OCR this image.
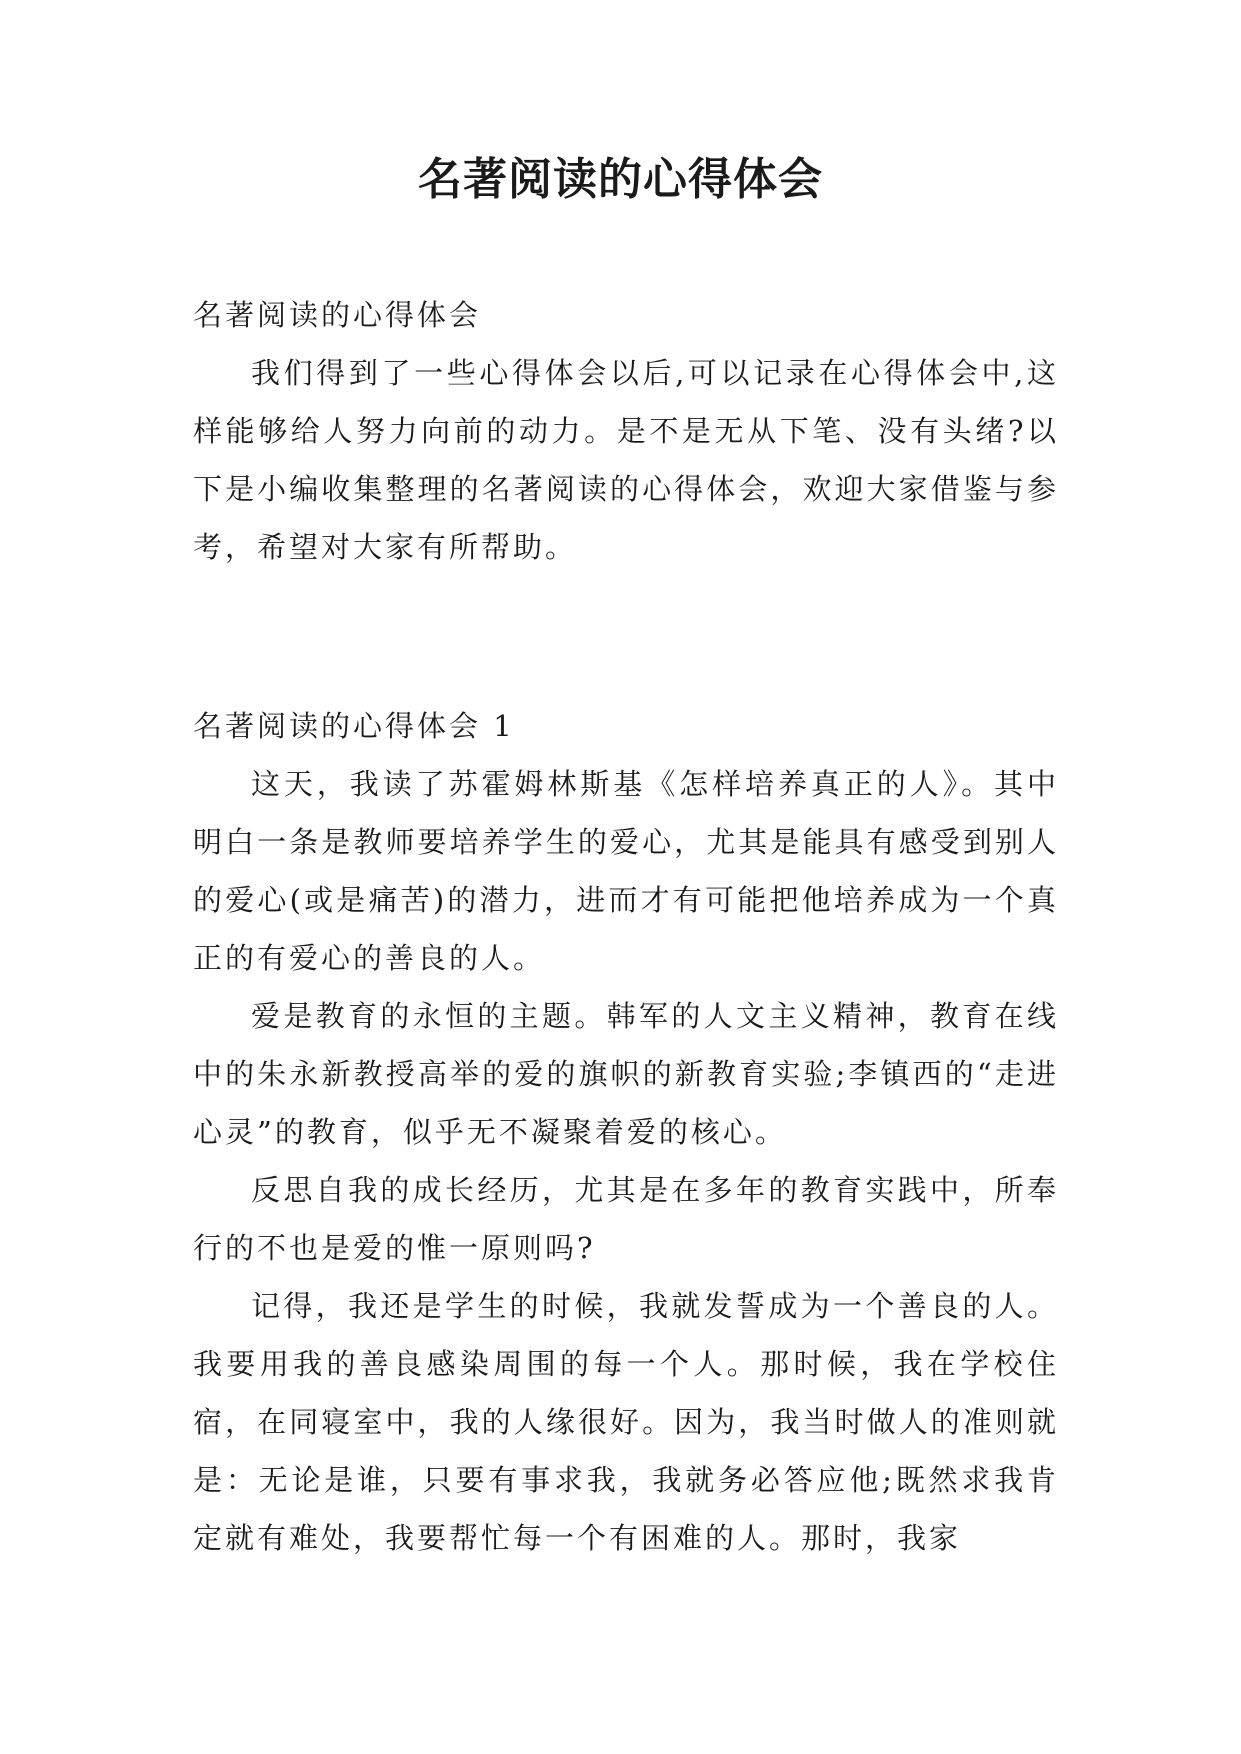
名著阅读的心得体会

名著阅读的心得体会

我们得到了一些心得体会以后,可以记录在心得体会中,这样能够给人努力向前的动力。是不是无从下笔、没有头绪?以下是小编收集整理的名著阅读的心得体会，欢迎大家借鉴与参考，希望对大家有所帮助。

名著阅读的心得体会 1

这天，我读了苏霍姆林斯基《怎样培养真正的人》。其中明白一条是教师要培养学生的爱心，尤其是能具有感受到别人的爱心(或是痛苦)的潜力，进而才有可能把他培养成为一个真正的有爱心的善良的人。

爱是教育的永恒的主题。韩军的人文主义精神，教育在线中的朱永新教授高举的爱的旗帜的新教育实验;李镇西的“走进心灵”的教育，似乎无不凝聚着爱的核心。

反思自我的成长经历，尤其是在多年的教育实践中，所奉行的不也是爱的惟一原则吗?

记得，我还是学生的时候，我就发誓成为一个善良的人。我要用我的善良感染周围的每一个人。那时候，我在学校住宿，在同寝室中，我的人缘很好。因为，我当时做人的准则就是：无论是谁，只要有事求我，我就务必答应他;既然求我肯定就有难处，我要帮忙每一个有困难的人。那时，我家
